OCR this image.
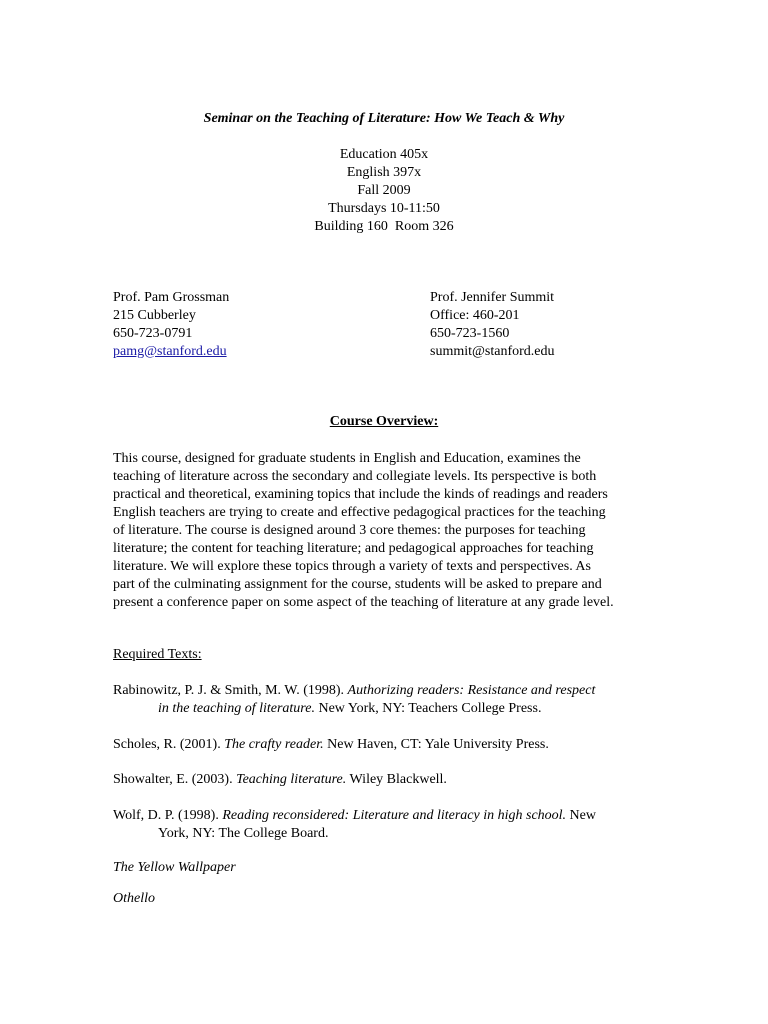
Seminar on the Teaching of Literature: How We Teach & Why
Education 405x
English 397x
Fall 2009
Thursdays 10-11:50
Building 160  Room 326
Prof. Pam Grossman
215 Cubberley
650-723-0791
pamg@stanford.edu
Prof. Jennifer Summit
Office: 460-201
650-723-1560
summit@stanford.edu
Course Overview:
This course, designed for graduate students in English and Education, examines the
teaching of literature across the secondary and collegiate levels. Its perspective is both
practical and theoretical, examining topics that include the kinds of readings and readers
English teachers are trying to create and effective pedagogical practices for the teaching
of literature. The course is designed around 3 core themes: the purposes for teaching
literature; the content for teaching literature; and pedagogical approaches for teaching
literature. We will explore these topics through a variety of texts and perspectives. As
part of the culminating assignment for the course, students will be asked to prepare and
present a conference paper on some aspect of the teaching of literature at any grade level.
Required Texts:
Rabinowitz, P. J. & Smith, M. W. (1998). Authorizing readers: Resistance and respect
in the teaching of literature. New York, NY: Teachers College Press.
Scholes, R. (2001). The crafty reader. New Haven, CT: Yale University Press.
Showalter, E. (2003). Teaching literature. Wiley Blackwell.
Wolf, D. P. (1998). Reading reconsidered: Literature and literacy in high school. New
York, NY: The College Board.
The Yellow Wallpaper
Othello
